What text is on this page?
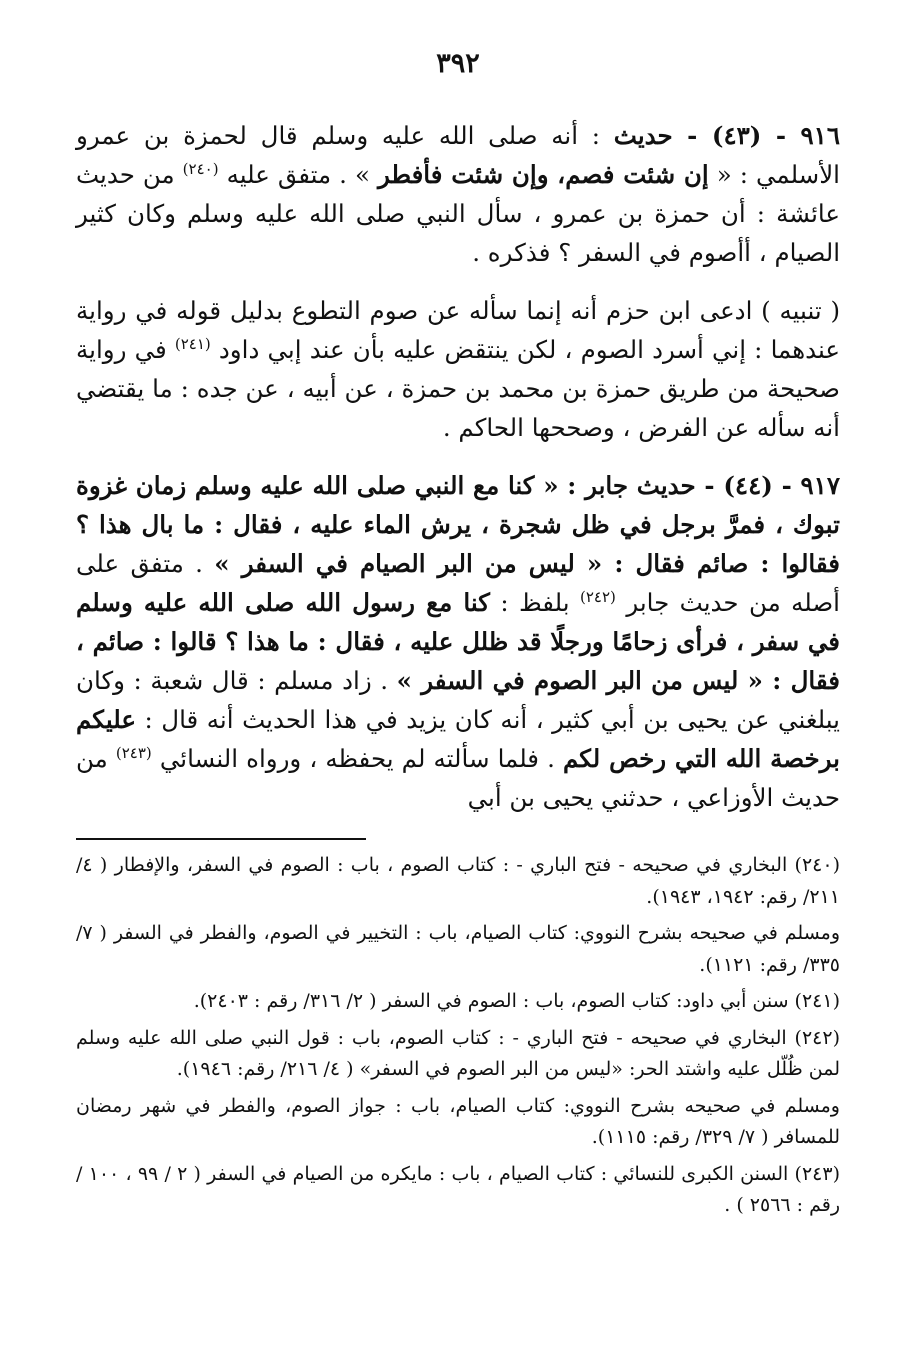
٣٩٢

٩١٦ - (٤٣) - حديث : أنه صلى الله عليه وسلم قال لحمزة بن عمرو الأسلمي : « إن شئت فصم، وإن شئت فأفطر » . متفق عليه $^{(٢٤٠)}$ من حديث عائشة : أن حمزة بن عمرو ، سأل النبي صلى الله عليه وسلم وكان كثير الصيام ، أأصوم في السفر ؟ فذكره .

( تنبيه ) ادعى ابن حزم أنه إنما سأله عن صوم التطوع بدليل قوله في رواية عندهما : إني أسرد الصوم ، لكن ينتقض عليه بأن عند إبي داود $^{(٢٤١)}$ في رواية صحيحة من طريق حمزة بن محمد بن حمزة ، عن أبيه ، عن جده : ما يقتضي أنه سأله عن الفرض ، وصححها الحاكم .

٩١٧ - (٤٤) - حديث جابر : « كنا مع النبي صلى الله عليه وسلم زمان غزوة تبوك ، فمرَّ برجل في ظل شجرة ، يرش الماء عليه ، فقال : ما بال هذا ؟ فقالوا : صائم فقال : « ليس من البر الصيام في السفر » . متفق على أصله من حديث جابر $^{(٢٤٢)}$ بلفظ : كنا مع رسول الله صلى الله عليه وسلم في سفر ، فرأى زحامًا ورجلًا قد ظلل عليه ، فقال : ما هذا ؟ قالوا : صائم ، فقال : « ليس من البر الصوم في السفر » . زاد مسلم : قال شعبة : وكان يبلغني عن يحيى بن أبي كثير ، أنه كان يزيد في هذا الحديث أنه قال : عليكم برخصة الله التي رخص لكم . فلما سألته لم يحفظه ، ورواه النسائي $^{(٢٤٣)}$ من حديث الأوزاعي ، حدثني يحيى بن أبي

(٢٤٠) البخاري في صحيحه - فتح الباري - : كتاب الصوم ، باب : الصوم في السفر، والإفطار ( ٤/ ٢١١/ رقم: ١٩٤٢، ١٩٤٣).

ومسلم في صحيحه بشرح النووي: كتاب الصيام، باب : التخيير في الصوم، والفطر في السفر ( ٧/ ٣٣٥/ رقم: ١١٢١).

(٢٤١) سنن أبي داود: كتاب الصوم، باب : الصوم في السفر ( ٢/ ٣١٦/ رقم : ٢٤٠٣).

(٢٤٢) البخاري في صحيحه - فتح الباري - : كتاب الصوم، باب : قول النبي صلى الله عليه وسلم لمن ظُلّل عليه واشتد الحر: «ليس من البر الصوم في السفر» ( ٤/ ٢١٦/ رقم: ١٩٤٦).

ومسلم في صحيحه بشرح النووي: كتاب الصيام، باب : جواز الصوم، والفطر في شهر رمضان للمسافر ( ٧/ ٣٢٩/ رقم: ١١١٥).

(٢٤٣) السنن الكبرى للنسائي : كتاب الصيام ، باب : مايكره من الصيام في السفر ( ٢ / ٩٩ ، ١٠٠ / رقم : ٢٥٦٦ ) .
